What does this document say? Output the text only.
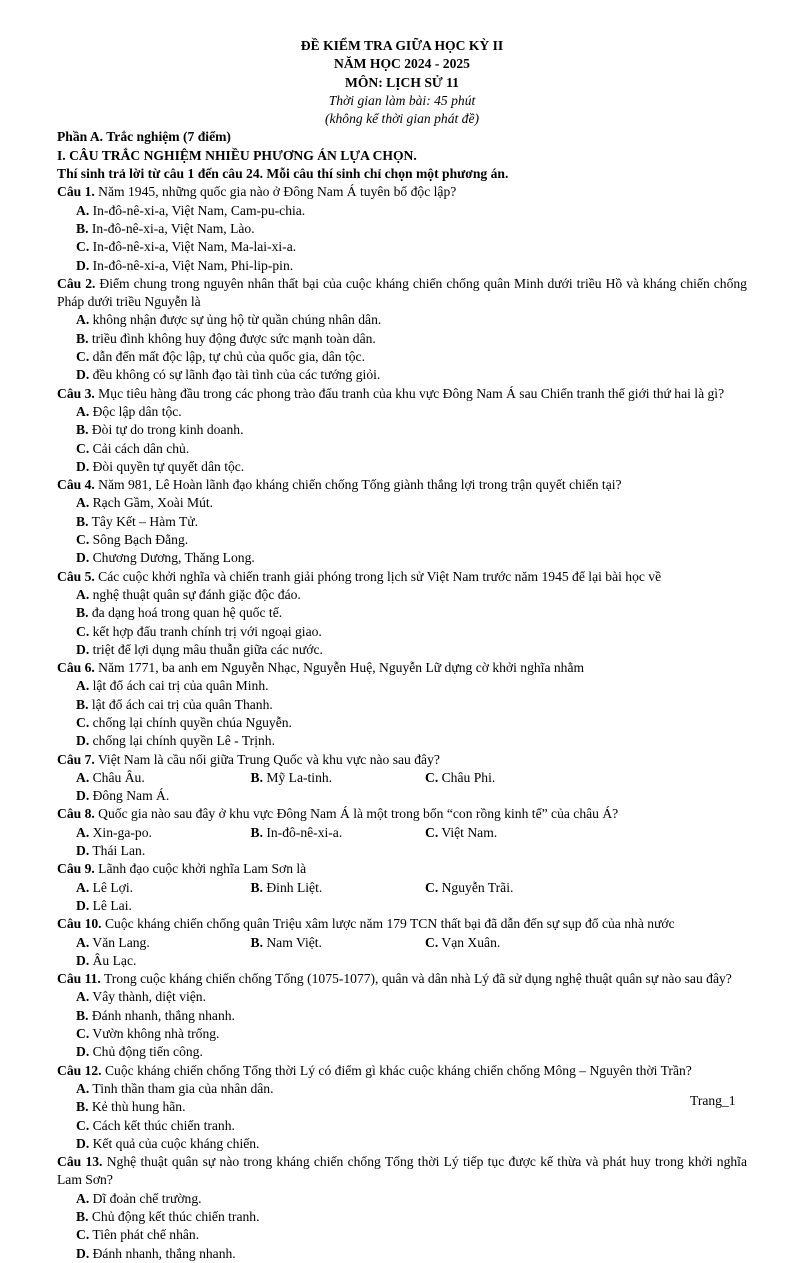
ĐỀ KIỂM TRA GIỮA HỌC KỲ II
NĂM HỌC 2024 - 2025
MÔN: LỊCH SỬ 11
Thời gian làm bài: 45 phút
(không kể thời gian phát đề)
Phần A. Trắc nghiệm (7 điểm)
I. CÂU TRẮC NGHIỆM NHIỀU PHƯƠNG ÁN LỰA CHỌN.
Thí sinh trả lời từ câu 1 đến câu 24. Mỗi câu thí sinh chỉ chọn một phương án.
Câu 1. Năm 1945, những quốc gia nào ở Đông Nam Á tuyên bố độc lập?
A. In-đô-nê-xi-a, Việt Nam, Cam-pu-chia.
B. In-đô-nê-xi-a, Việt Nam, Lào.
C. In-đô-nê-xi-a, Việt Nam, Ma-lai-xi-a.
D. In-đô-nê-xi-a, Việt Nam, Phi-lip-pin.
Câu 2. Điểm chung trong nguyên nhân thất bại của cuộc kháng chiến chống quân Minh dưới triều Hồ và kháng chiến chống Pháp dưới triều Nguyễn là
A. không nhận được sự ủng hộ từ quần chúng nhân dân.
B. triều đình không huy động được sức mạnh toàn dân.
C. dẫn đến mất độc lập, tự chủ của quốc gia, dân tộc.
D. đều không có sự lãnh đạo tài tình của các tướng giỏi.
Câu 3. Mục tiêu hàng đầu trong các phong trào đấu tranh của khu vực Đông Nam Á sau Chiến tranh thế giới thứ hai là gì?
A. Độc lập dân tộc.
B. Đòi tự do trong kinh doanh.
C. Cải cách dân chủ.
D. Đòi quyền tự quyết dân tộc.
Câu 4. Năm 981, Lê Hoàn lãnh đạo kháng chiến chống Tống giành thắng lợi trong trận quyết chiến tại?
A. Rạch Gầm, Xoài Mút.
B. Tây Kết – Hàm Tử.
C. Sông Bạch Đằng.
D. Chương Dương, Thăng Long.
Câu 5. Các cuộc khởi nghĩa và chiến tranh giải phóng trong lịch sử Việt Nam trước năm 1945 để lại bài học về
A. nghệ thuật quân sự đánh giặc độc đáo.
B. đa dạng hoá trong quan hệ quốc tế.
C. kết hợp đấu tranh chính trị với ngoại giao.
D. triệt để lợi dụng mâu thuẫn giữa các nước.
Câu 6. Năm 1771, ba anh em Nguyễn Nhạc, Nguyễn Huệ, Nguyễn Lữ dựng cờ khởi nghĩa nhằm
A. lật đổ ách cai trị của quân Minh.
B. lật đổ ách cai trị của quân Thanh.
C. chống lại chính quyền chúa Nguyễn.
D. chống lại chính quyền Lê - Trịnh.
Câu 7. Việt Nam là cầu nối giữa Trung Quốc và khu vực nào sau đây?
A. Châu Âu.	B. Mỹ La-tinh.	C. Châu Phi.
D. Đông Nam Á.
Câu 8. Quốc gia nào sau đây ở khu vực Đông Nam Á là một trong bốn “con rồng kinh tế” của châu Á?
A. Xin-ga-po.	B. In-đô-nê-xi-a.	C. Việt Nam.
D. Thái Lan.
Câu 9. Lãnh đạo cuộc khởi nghĩa Lam Sơn là
A. Lê Lợi.	B. Đinh Liệt.	C. Nguyễn Trãi.
D. Lê Lai.
Câu 10. Cuộc kháng chiến chống quân Triệu xâm lược năm 179 TCN thất bại đã dẫn đến sự sụp đổ của nhà nước
A. Văn Lang.	B. Nam Việt.	C. Vạn Xuân.
D. Âu Lạc.
Câu 11. Trong cuộc kháng chiến chống Tống (1075-1077), quân và dân nhà Lý đã sử dụng nghệ thuật quân sự nào sau đây?
A. Vây thành, diệt viện.
B. Đánh nhanh, thắng nhanh.
C. Vườn không nhà trống.
D. Chủ động tiến công.
Câu 12. Cuộc kháng chiến chống Tống thời Lý có điểm gì khác cuộc kháng chiến chống Mông – Nguyên thời Trần?
A. Tinh thần tham gia của nhân dân.
B. Kẻ thù hung hãn.
C. Cách kết thúc chiến tranh.
D. Kết quả của cuộc kháng chiến.
Câu 13. Nghệ thuật quân sự nào trong kháng chiến chống Tống thời Lý tiếp tục được kế thừa và phát huy trong khởi nghĩa Lam Sơn?
A. Dĩ đoản chế trường.
B. Chủ động kết thúc chiến tranh.
C. Tiên phát chế nhân.
D. Đánh nhanh, thắng nhanh.
Trang_1
